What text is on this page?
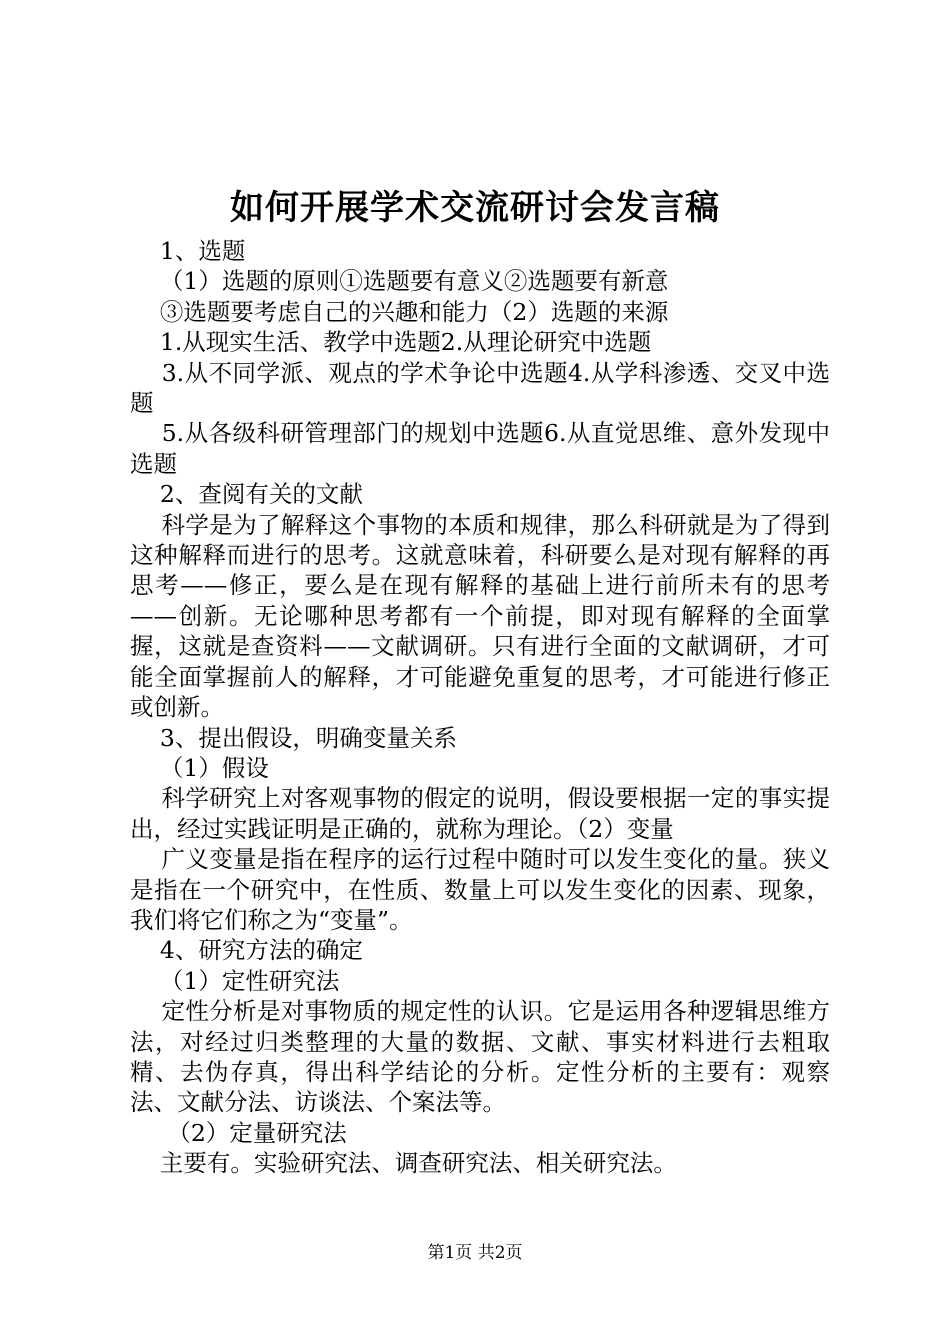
如何开展学术交流研讨会发言稿

1、选题

（1）选题的原则①选题要有意义②选题要有新意

③选题要考虑自己的兴趣和能力（2）选题的来源

1.从现实生活、教学中选题2.从理论研究中选题

3.从不同学派、观点的学术争论中选题4.从学科渗透、交叉中选题

5.从各级科研管理部门的规划中选题6.从直觉思维、意外发现中选题

2、查阅有关的文献

科学是为了解释这个事物的本质和规律，那么科研就是为了得到这种解释而进行的思考。这就意味着，科研要么是对现有解释的再思考——修正，要么是在现有解释的基础上进行前所未有的思考——创新。无论哪种思考都有一个前提，即对现有解释的全面掌握，这就是查资料——文献调研。只有进行全面的文献调研，才可能全面掌握前人的解释，才可能避免重复的思考，才可能进行修正或创新。

3、提出假设，明确变量关系

（1）假设

科学研究上对客观事物的假定的说明，假设要根据一定的事实提出，经过实践证明是正确的，就称为理论。（2）变量

广义变量是指在程序的运行过程中随时可以发生变化的量。狭义是指在一个研究中，在性质、数量上可以发生变化的因素、现象，我们将它们称之为“变量”。

4、研究方法的确定

（1）定性研究法

定性分析是对事物质的规定性的认识。它是运用各种逻辑思维方法，对经过归类整理的大量的数据、文献、事实材料进行去粗取精、去伪存真，得出科学结论的分析。定性分析的主要有：观察法、文献分法、访谈法、个案法等。

（2）定量研究法

主要有。实验研究法、调查研究法、相关研究法。

第1页 共2页
